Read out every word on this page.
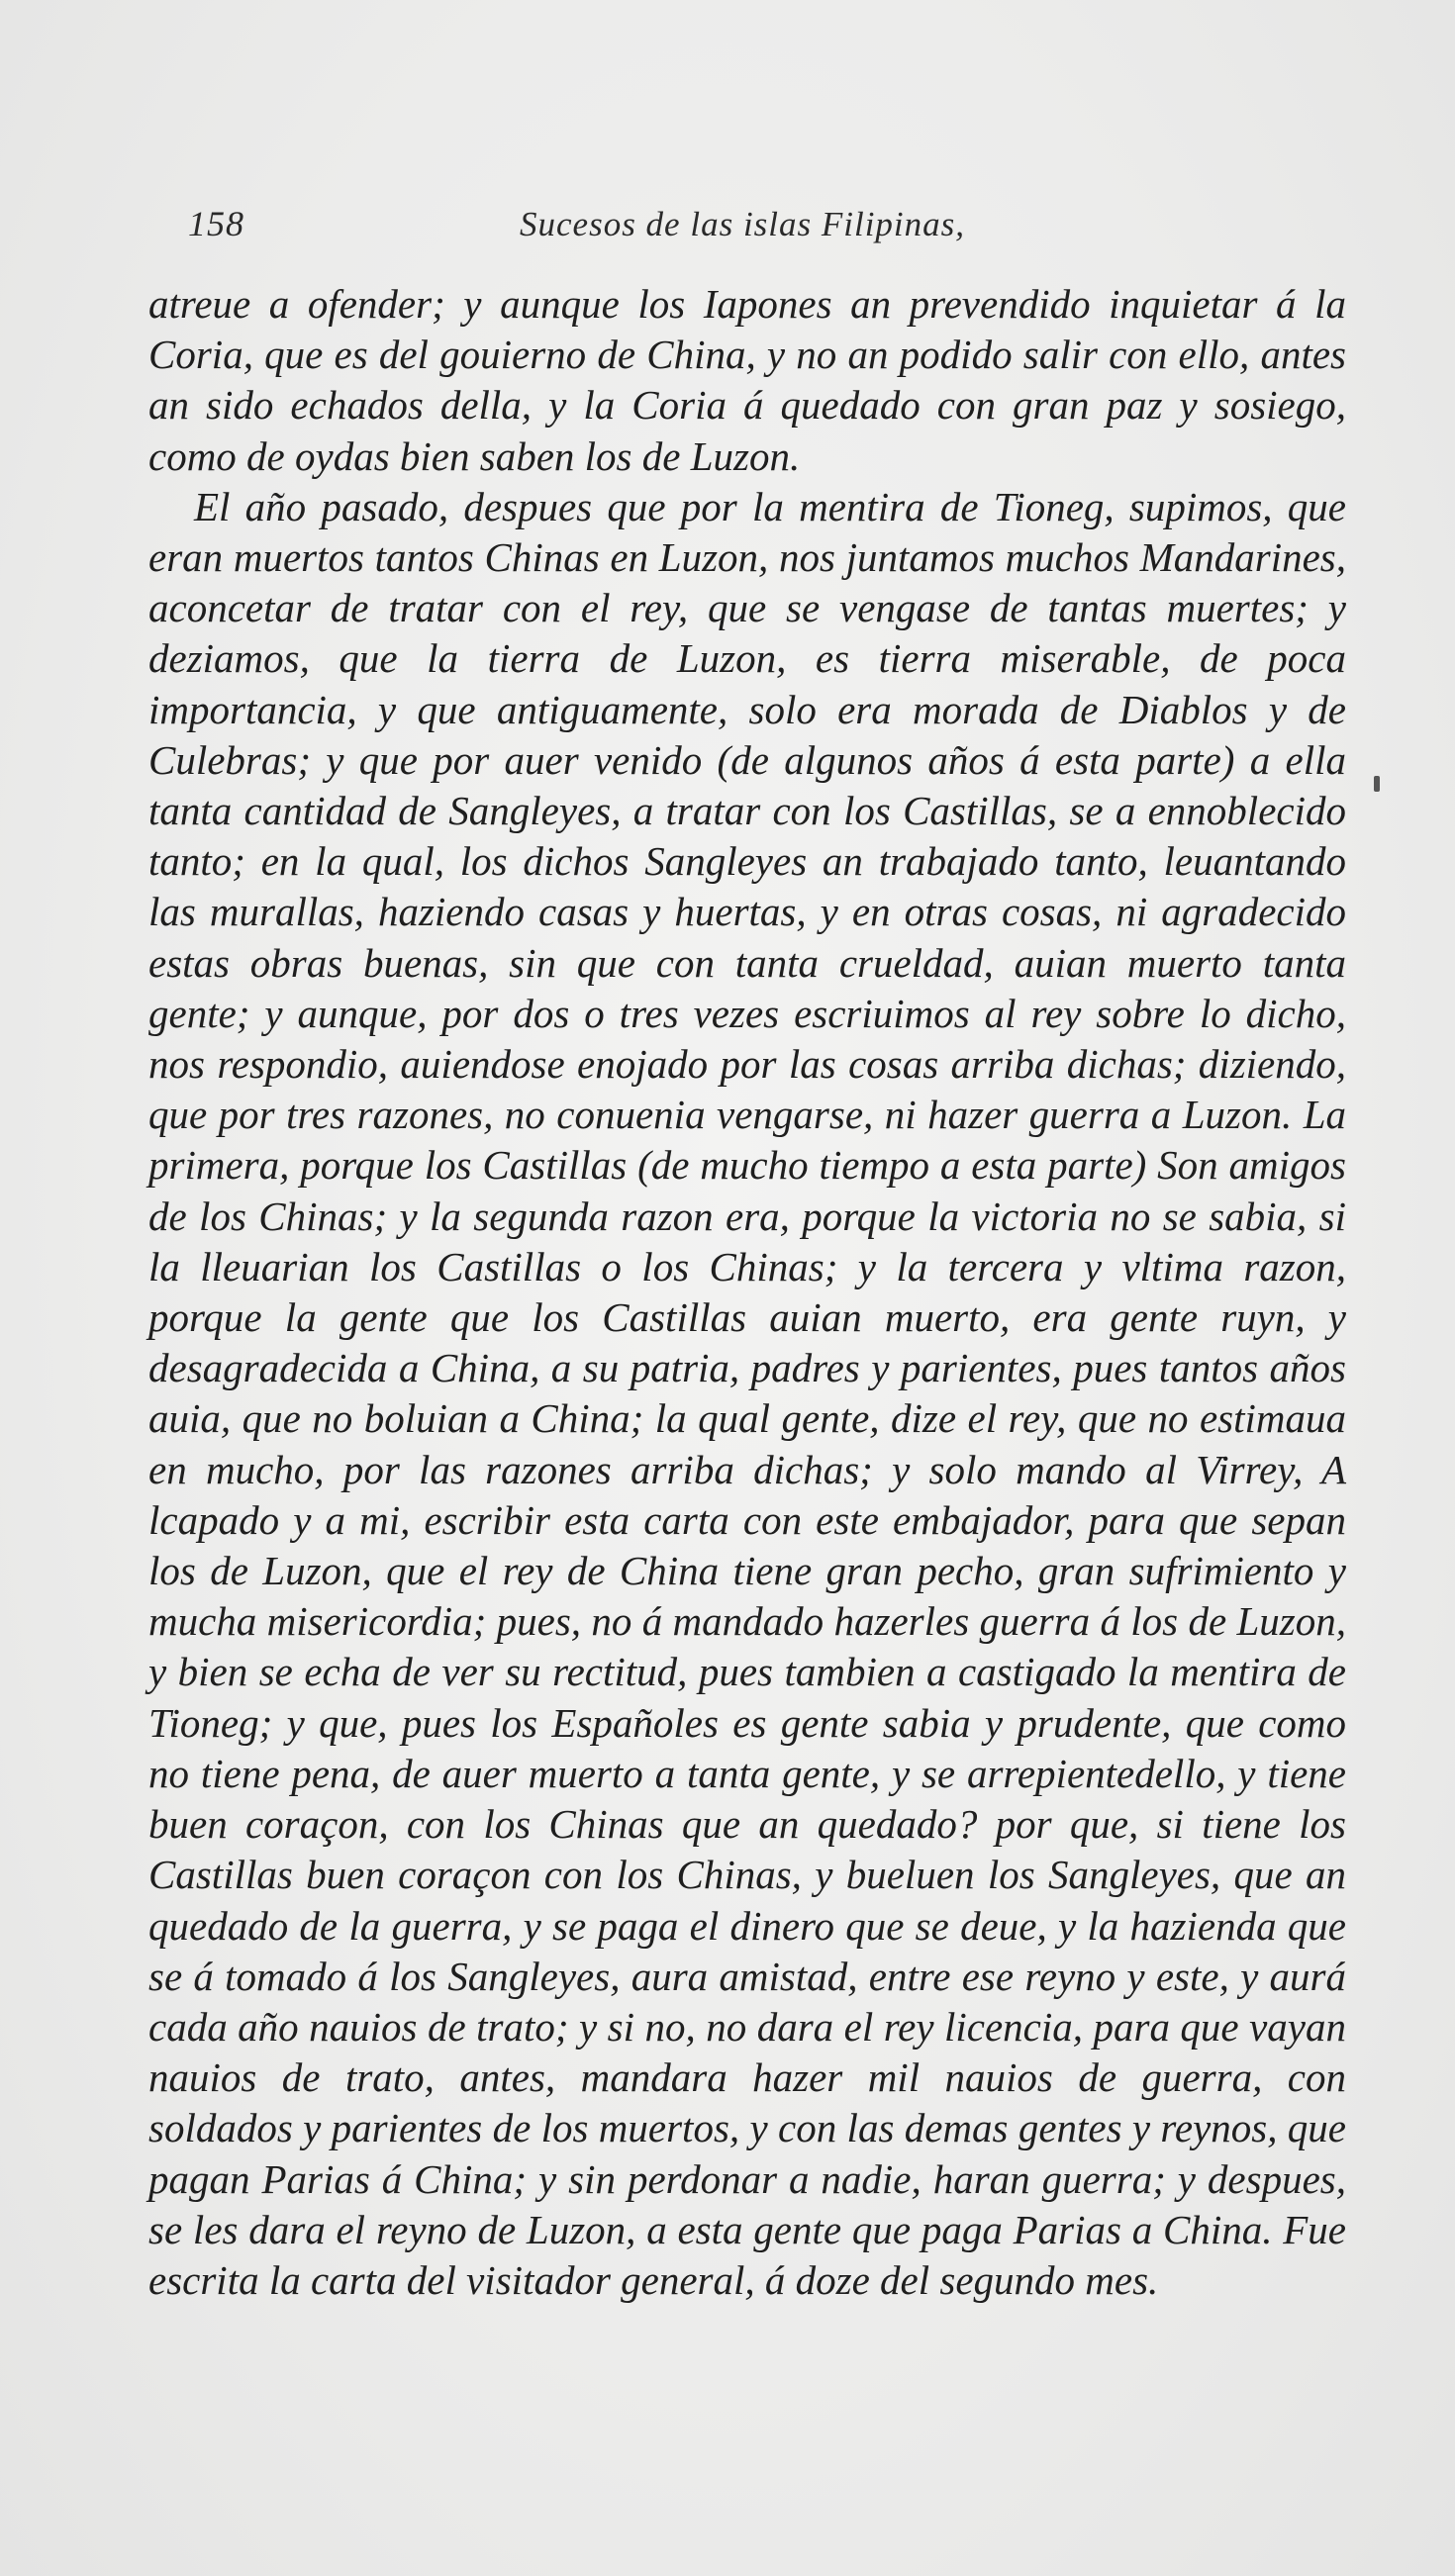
158	Sucesos de las islas Filipinas,

atreue a ofender; y aunque los Iapones an prevendido inquietar á la Coria, que es del gouierno de China, y no an podido salir con ello, antes an sido echados della, y la Coria á quedado con gran paz y sosiego, como de oydas bien saben los de Luzon.

El año pasado, despues que por la mentira de Tioneg, supimos, que eran muertos tantos Chinas en Luzon, nos juntamos muchos Mandarines, aconcetar de tratar con el rey, que se vengase de tantas muertes; y deziamos, que la tierra de Luzon, es tierra miserable, de poca importancia, y que antiguamente, solo era morada de Diablos y de Culebras; y que por auer venido (de algunos años á esta parte) a ella tanta cantidad de Sangleyes, a tratar con los Castillas, se a ennoblecido tanto; en la qual, los dichos Sangleyes an trabajado tanto, leuantando las murallas, haziendo casas y huertas, y en otras cosas, ni agradecido estas obras buenas, sin que con tanta crueldad, auian muerto tanta gente; y aunque, por dos o tres vezes escriuimos al rey sobre lo dicho, nos respondio, auiendose enojado por las cosas arriba dichas; diziendo, que por tres razones, no conuenia vengarse, ni hazer guerra a Luzon. La primera, porque los Castillas (de mucho tiempo a esta parte) Son amigos de los Chinas; y la segunda razon era, porque la victoria no se sabia, si la lleuarian los Castillas o los Chinas; y la tercera y vltima razon, porque la gente que los Castillas auian muerto, era gente ruyn, y desagradecida a China, a su patria, padres y parientes, pues tantos años auia, que no boluian a China; la qual gente, dize el rey, que no estimaua en mucho, por las razones arriba dichas; y solo mando al Virrey, A lcapado y a mi, escribir esta carta con este embajador, para que sepan los de Luzon, que el rey de China tiene gran pecho, gran sufrimiento y mucha misericordia; pues, no á mandado hazerles guerra á los de Luzon, y bien se echa de ver su rectitud, pues tambien a castigado la mentira de Tioneg; y que, pues los Españoles es gente sabia y prudente, que como no tiene pena, de auer muerto a tanta gente, y se arrepientedello, y tiene buen coraçon, con los Chinas que an quedado? por que, si tiene los Castillas buen coraçon con los Chinas, y bueluen los Sangleyes, que an quedado de la guerra, y se paga el dinero que se deue, y la hazienda que se á tomado á los Sangleyes, aura amistad, entre ese reyno y este, y aurá cada año nauios de trato; y si no, no dara el rey licencia, para que vayan nauios de trato, antes, mandara hazer mil nauios de guerra, con soldados y parientes de los muertos, y con las demas gentes y reynos, que pagan Parias á China; y sin perdonar a nadie, haran guerra; y despues, se les dara el reyno de Luzon, a esta gente que paga Parias a China. Fue escrita la carta del visitador general, á doze del segundo mes.
